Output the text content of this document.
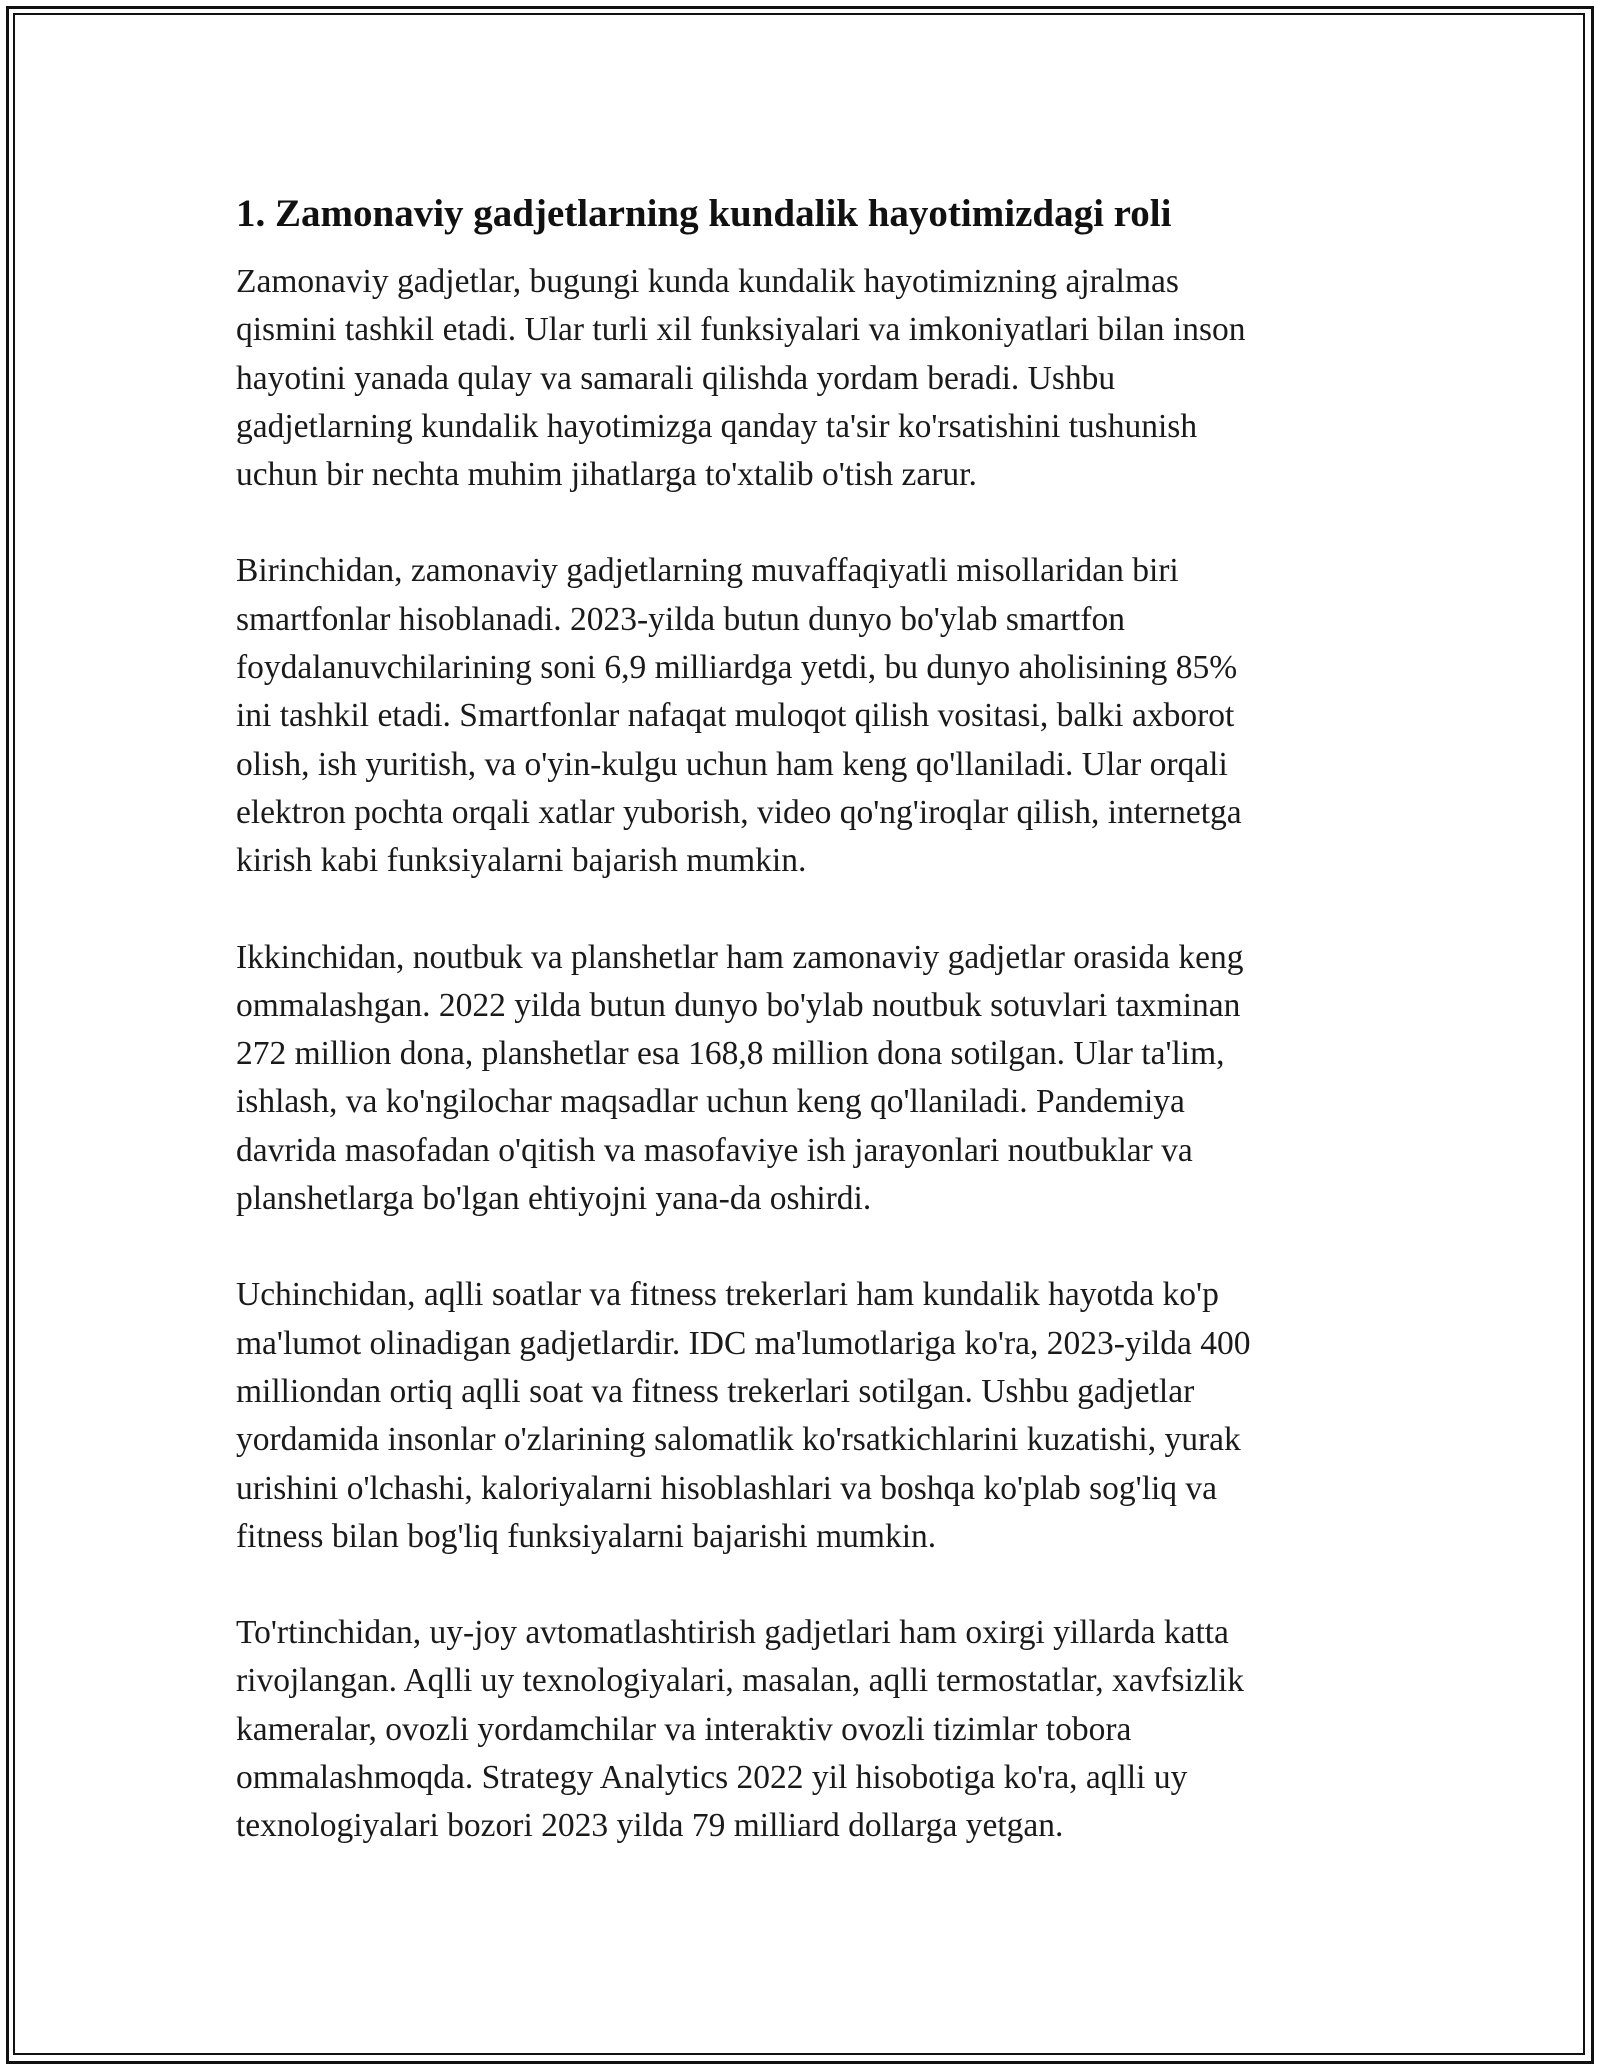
1. Zamonaviy gadjetlarning kundalik hayotimizdagi roli

Zamonaviy gadjetlar, bugungi kunda kundalik hayotimizning ajralmas
qismini tashkil etadi. Ular turli xil funksiyalari va imkoniyatlari bilan inson
hayotini yanada qulay va samarali qilishda yordam beradi. Ushbu
gadjetlarning kundalik hayotimizga qanday ta'sir ko'rsatishini tushunish
uchun bir nechta muhim jihatlarga to'xtalib o'tish zarur.

Birinchidan, zamonaviy gadjetlarning muvaffaqiyatli misollaridan biri
smartfonlar hisoblanadi. 2023-yilda butun dunyo bo'ylab smartfon
foydalanuvchilarining soni 6,9 milliardga yetdi, bu dunyo aholisining 85%
ini tashkil etadi. Smartfonlar nafaqat muloqot qilish vositasi, balki axborot
olish, ish yuritish, va o'yin-kulgu uchun ham keng qo'llaniladi. Ular orqali
elektron pochta orqali xatlar yuborish, video qo'ng'iroqlar qilish, internetga
kirish kabi funksiyalarni bajarish mumkin.

Ikkinchidan, noutbuk va planshetlar ham zamonaviy gadjetlar orasida keng
ommalashgan. 2022 yilda butun dunyo bo'ylab noutbuk sotuvlari taxminan
272 million dona, planshetlar esa 168,8 million dona sotilgan. Ular ta'lim,
ishlash, va ko'ngilochar maqsadlar uchun keng qo'llaniladi. Pandemiya
davrida masofadan o'qitish va masofaviye ish jarayonlari noutbuklar va
planshetlarga bo'lgan ehtiyojni yana-da oshirdi.

Uchinchidan, aqlli soatlar va fitness trekerlari ham kundalik hayotda ko'p
ma'lumot olinadigan gadjetlardir. IDC ma'lumotlariga ko'ra, 2023-yilda 400
milliondan ortiq aqlli soat va fitness trekerlari sotilgan. Ushbu gadjetlar
yordamida insonlar o'zlarining salomatlik ko'rsatkichlarini kuzatishi, yurak
urishini o'lchashi, kaloriyalarni hisoblashlari va boshqa ko'plab sog'liq va
fitness bilan bog'liq funksiyalarni bajarishi mumkin.

To'rtinchidan, uy-joy avtomatlashtirish gadjetlari ham oxirgi yillarda katta
rivojlangan. Aqlli uy texnologiyalari, masalan, aqlli termostatlar, xavfsizlik
kameralar, ovozli yordamchilar va interaktiv ovozli tizimlar tobora
ommalashmoqda. Strategy Analytics 2022 yil hisobotiga ko'ra, aqlli uy
texnologiyalari bozori 2023 yilda 79 milliard dollarga yetgan.
